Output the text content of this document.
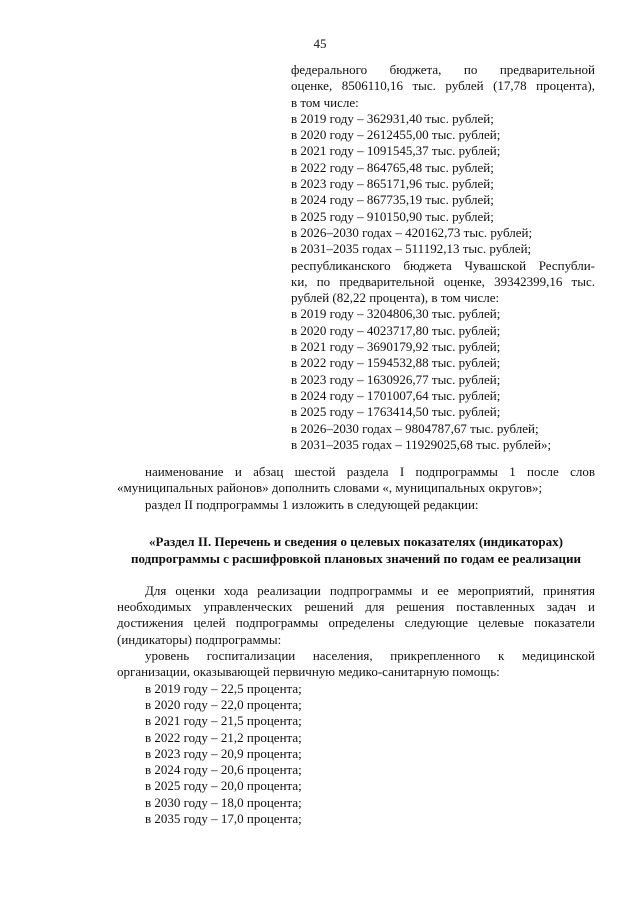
45
федерального бюджета, по предварительной
оценке, 8506110,16 тыс. рублей (17,78 процента),
в том числе:
в 2019 году – 362931,40 тыс. рублей;
в 2020 году – 2612455,00 тыс. рублей;
в 2021 году – 1091545,37 тыс. рублей;
в 2022 году – 864765,48 тыс. рублей;
в 2023 году – 865171,96 тыс. рублей;
в 2024 году – 867735,19 тыс. рублей;
в 2025 году – 910150,90 тыс. рублей;
в 2026–2030 годах – 420162,73 тыс. рублей;
в 2031–2035 годах – 511192,13 тыс. рублей;
республиканского бюджета Чувашской Республи-
ки, по предварительной оценке, 39342399,16 тыс.
рублей (82,22 процента), в том числе:
в 2019 году – 3204806,30 тыс. рублей;
в 2020 году – 4023717,80 тыс. рублей;
в 2021 году – 3690179,92 тыс. рублей;
в 2022 году – 1594532,88 тыс. рублей;
в 2023 году – 1630926,77 тыс. рублей;
в 2024 году – 1701007,64 тыс. рублей;
в 2025 году – 1763414,50 тыс. рублей;
в 2026–2030 годах – 9804787,67 тыс. рублей;
в 2031–2035 годах – 11929025,68 тыс. рублей»;

наименование и абзац шестой раздела I подпрограммы 1 после слов «муниципальных районов» дополнить словами «, муниципальных округов»;

раздел II подпрограммы 1 изложить в следующей редакции:

«Раздел II. Перечень и сведения о целевых показателях (индикаторах)
подпрограммы с расшифровкой плановых значений по годам ее реализации

Для оценки хода реализации подпрограммы и ее мероприятий, принятия необходимых управленческих решений для решения поставленных задач и достижения целей подпрограммы определены следующие целевые показатели (индикаторы) подпрограммы:

уровень госпитализации населения, прикрепленного к медицинской организации, оказывающей первичную медико-санитарную помощь:

в 2019 году – 22,5 процента;
в 2020 году – 22,0 процента;
в 2021 году – 21,5 процента;
в 2022 году – 21,2 процента;
в 2023 году – 20,9 процента;
в 2024 году – 20,6 процента;
в 2025 году – 20,0 процента;
в 2030 году – 18,0 процента;
в 2035 году – 17,0 процента;
